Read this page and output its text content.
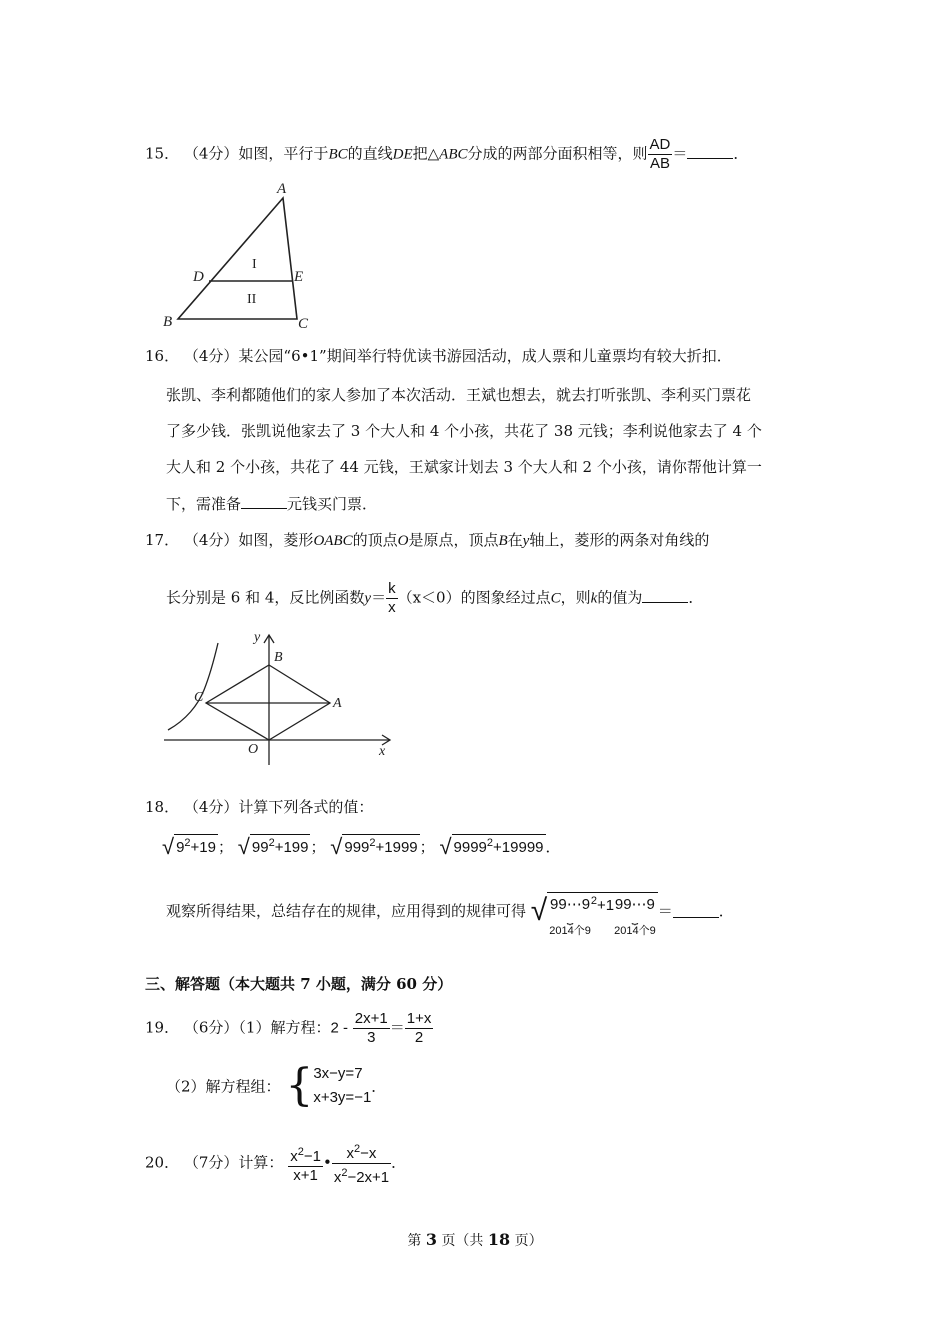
15． （4分）如图，平行于BC的直线DE把△ABC分成的两部分面积相等，则 $\frac{AD}{AB}$ ＝	．
A
D	E
B	C
I
II
16． （4分）某公园“6•1”期间举行特优读书游园活动，成人票和儿童票均有较大折扣．
张凯、李利都随他们的家人参加了本次活动．王斌也想去，就去打听张凯、李利买门票花
了多少钱．张凯说他家去了 3 个大人和 4 个小孩，共花了 38 元钱；李利说他家去了 4 个
大人和 2 个小孩，共花了 44 元钱，王斌家计划去 3 个大人和 2 个小孩，请你帮他计算一
下，需准备	元钱买门票．
17． （4分）如图，菱形OABC的顶点O是原点，顶点B在y轴上，菱形的两条对角线的
长分别是 6 和 4，反比例函数$y= \frac{k}{x} (x<0)$的图象经过点C，则k的值为	．
y
B
C	A
O	x
18． （4分）计算下列各式的值：
√ $9^2+19$ ； √ $99^2+199$ ； √ $999^2+1999$ ； √ $9999^2+19999$ ．
观察所得结果，总结存在的规律，应用得到的规律可得 √ 99⋯9
⏟
2014个9
$^2$+199⋯9
⏟
2014个9
＝	．
三、解答题（本大题共 7 小题，满分 60 分）
19． （6分）（1）解方程：$2 - \frac{2x+1}{3} = \frac{1+x}{2}$
（2）解方程组： { 3x−y=7
x+3y=−1
．
20． （7分）计算： $\frac{x^2-1}{x+1}$ • $\frac{x^2-x}{x^2-2x+1}$ ．
第 3 页（共 18 页）
